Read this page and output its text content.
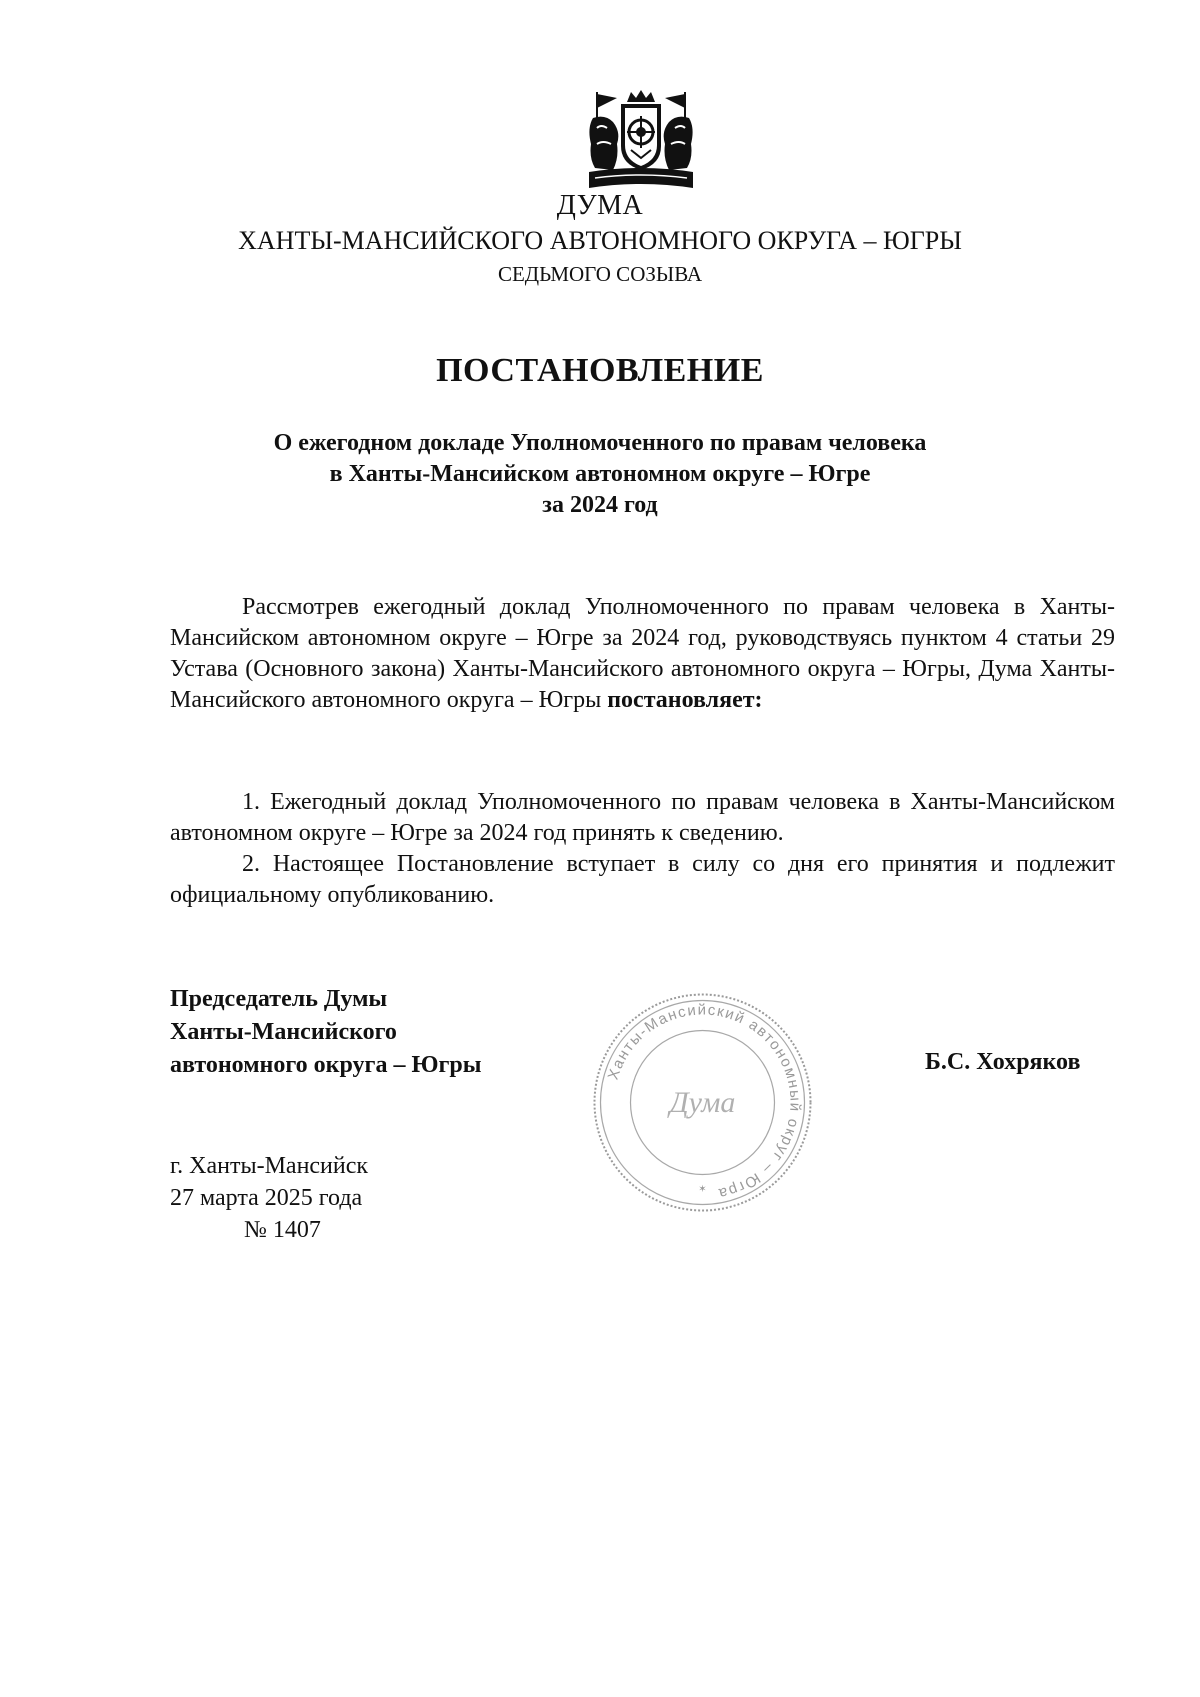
ДУМА
ХАНТЫ-МАНСИЙСКОГО АВТОНОМНОГО ОКРУГА – ЮГРЫ
СЕДЬМОГО СОЗЫВА
ПОСТАНОВЛЕНИЕ
О ежегодном докладе Уполномоченного по правам человека
в Ханты-Мансийском автономном округе – Югре
за 2024 год

Рассмотрев ежегодный доклад Уполномоченного по правам человека в Ханты-Мансийском автономном округе – Югре за 2024 год, руководствуясь пунктом 4 статьи 29 Устава (Основного закона) Ханты-Мансийского автономного округа – Югры, Дума Ханты-Мансийского автономного округа – Югры постановляет:

1. Ежегодный доклад Уполномоченного по правам человека в Ханты-Мансийском автономном округе – Югре за 2024 год принять к сведению.

2. Настоящее Постановление вступает в силу со дня его принятия и подлежит официальному опубликованию.

Председатель Думы
Ханты-Мансийского
автономного округа – Югры	Ханты-Мансийский автономный округ – Югра
Дума
✶
Б.С. Хохряков
г. Ханты-Мансийск
27 марта 2025 года
№ 1407
